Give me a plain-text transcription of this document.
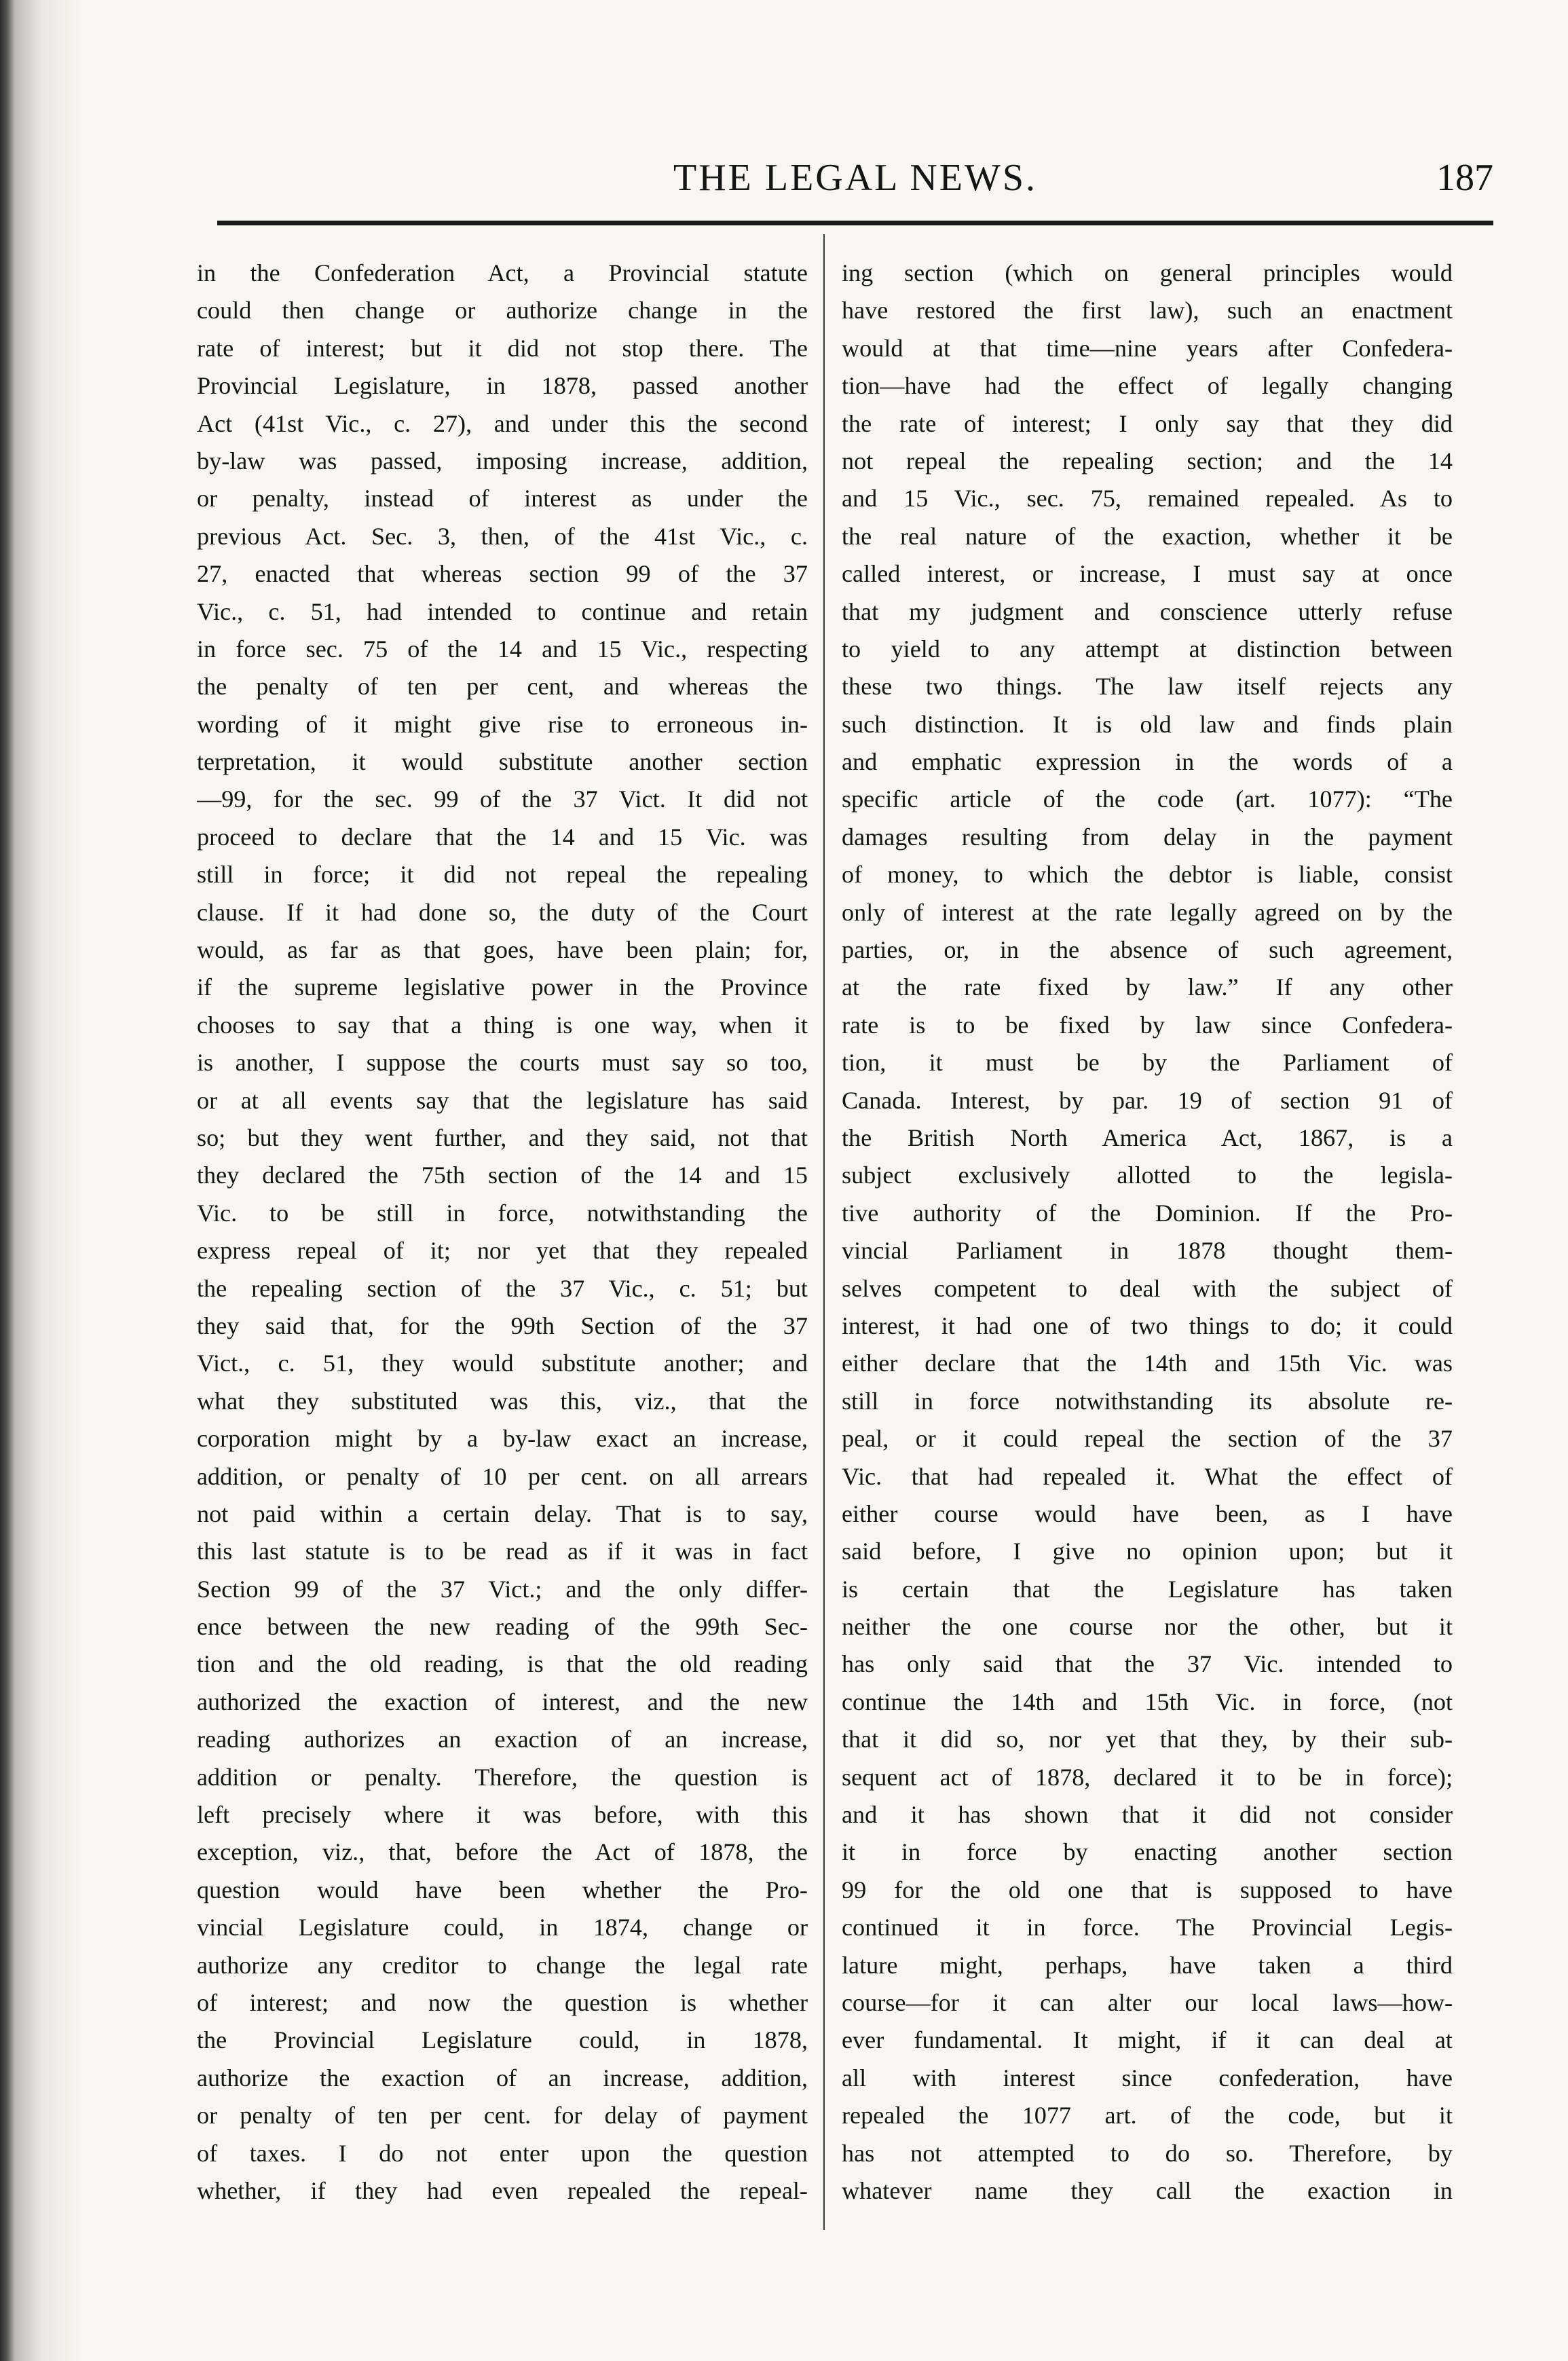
THE LEGAL NEWS.	187
in the Confederation Act, a Provincial statute
could then change or authorize change in the
rate of interest; but it did not stop there. The
Provincial Legislature, in 1878, passed another
Act (41st Vic., c. 27), and under this the second
by-law was passed, imposing increase, addition,
or penalty, instead of interest as under the
previous Act. Sec. 3, then, of the 41st Vic., c.
27, enacted that whereas section 99 of the 37
Vic., c. 51, had intended to continue and retain
in force sec. 75 of the 14 and 15 Vic., respecting
the penalty of ten per cent, and whereas the
wording of it might give rise to erroneous in-
terpretation, it would substitute another section
—99, for the sec. 99 of the 37 Vict. It did not
proceed to declare that the 14 and 15 Vic. was
still in force; it did not repeal the repealing
clause. If it had done so, the duty of the Court
would, as far as that goes, have been plain; for,
if the supreme legislative power in the Province
chooses to say that a thing is one way, when it
is another, I suppose the courts must say so too,
or at all events say that the legislature has said
so; but they went further, and they said, not that
they declared the 75th section of the 14 and 15
Vic. to be still in force, notwithstanding the
express repeal of it; nor yet that they repealed
the repealing section of the 37 Vic., c. 51; but
they said that, for the 99th Section of the 37
Vict., c. 51, they would substitute another; and
what they substituted was this, viz., that the
corporation might by a by-law exact an increase,
addition, or penalty of 10 per cent. on all arrears
not paid within a certain delay. That is to say,
this last statute is to be read as if it was in fact
Section 99 of the 37 Vict.; and the only differ-
ence between the new reading of the 99th Sec-
tion and the old reading, is that the old reading
authorized the exaction of interest, and the new
reading authorizes an exaction of an increase,
addition or penalty. Therefore, the question is
left precisely where it was before, with this
exception, viz., that, before the Act of 1878, the
question would have been whether the Pro-
vincial Legislature could, in 1874, change or
authorize any creditor to change the legal rate
of interest; and now the question is whether
the Provincial Legislature could, in 1878,
authorize the exaction of an increase, addition,
or penalty of ten per cent. for delay of payment
of taxes. I do not enter upon the question
whether, if they had even repealed the repeal-
ing section (which on general principles would
have restored the first law), such an enactment
would at that time—nine years after Confedera-
tion—have had the effect of legally changing
the rate of interest; I only say that they did
not repeal the repealing section; and the 14
and 15 Vic., sec. 75, remained repealed. As to
the real nature of the exaction, whether it be
called interest, or increase, I must say at once
that my judgment and conscience utterly refuse
to yield to any attempt at distinction between
these two things. The law itself rejects any
such distinction. It is old law and finds plain
and emphatic expression in the words of a
specific article of the code (art. 1077): “The
damages resulting from delay in the payment
of money, to which the debtor is liable, consist
only of interest at the rate legally agreed on by the
parties, or, in the absence of such agreement,
at the rate fixed by law.” If any other
rate is to be fixed by law since Confedera-
tion, it must be by the Parliament of
Canada. Interest, by par. 19 of section 91 of
the British North America Act, 1867, is a
subject exclusively allotted to the legisla-
tive authority of the Dominion. If the Pro-
vincial Parliament in 1878 thought them-
selves competent to deal with the subject of
interest, it had one of two things to do; it could
either declare that the 14th and 15th Vic. was
still in force notwithstanding its absolute re-
peal, or it could repeal the section of the 37
Vic. that had repealed it. What the effect of
either course would have been, as I have
said before, I give no opinion upon; but it
is certain that the Legislature has taken
neither the one course nor the other, but it
has only said that the 37 Vic. intended to
continue the 14th and 15th Vic. in force, (not
that it did so, nor yet that they, by their sub-
sequent act of 1878, declared it to be in force);
and it has shown that it did not consider
it in force by enacting another section
99 for the old one that is supposed to have
continued it in force. The Provincial Legis-
lature might, perhaps, have taken a third
course—for it can alter our local laws—how-
ever fundamental. It might, if it can deal at
all with interest since confederation, have
repealed the 1077 art. of the code, but it
has not attempted to do so. Therefore, by
whatever name they call the exaction in
